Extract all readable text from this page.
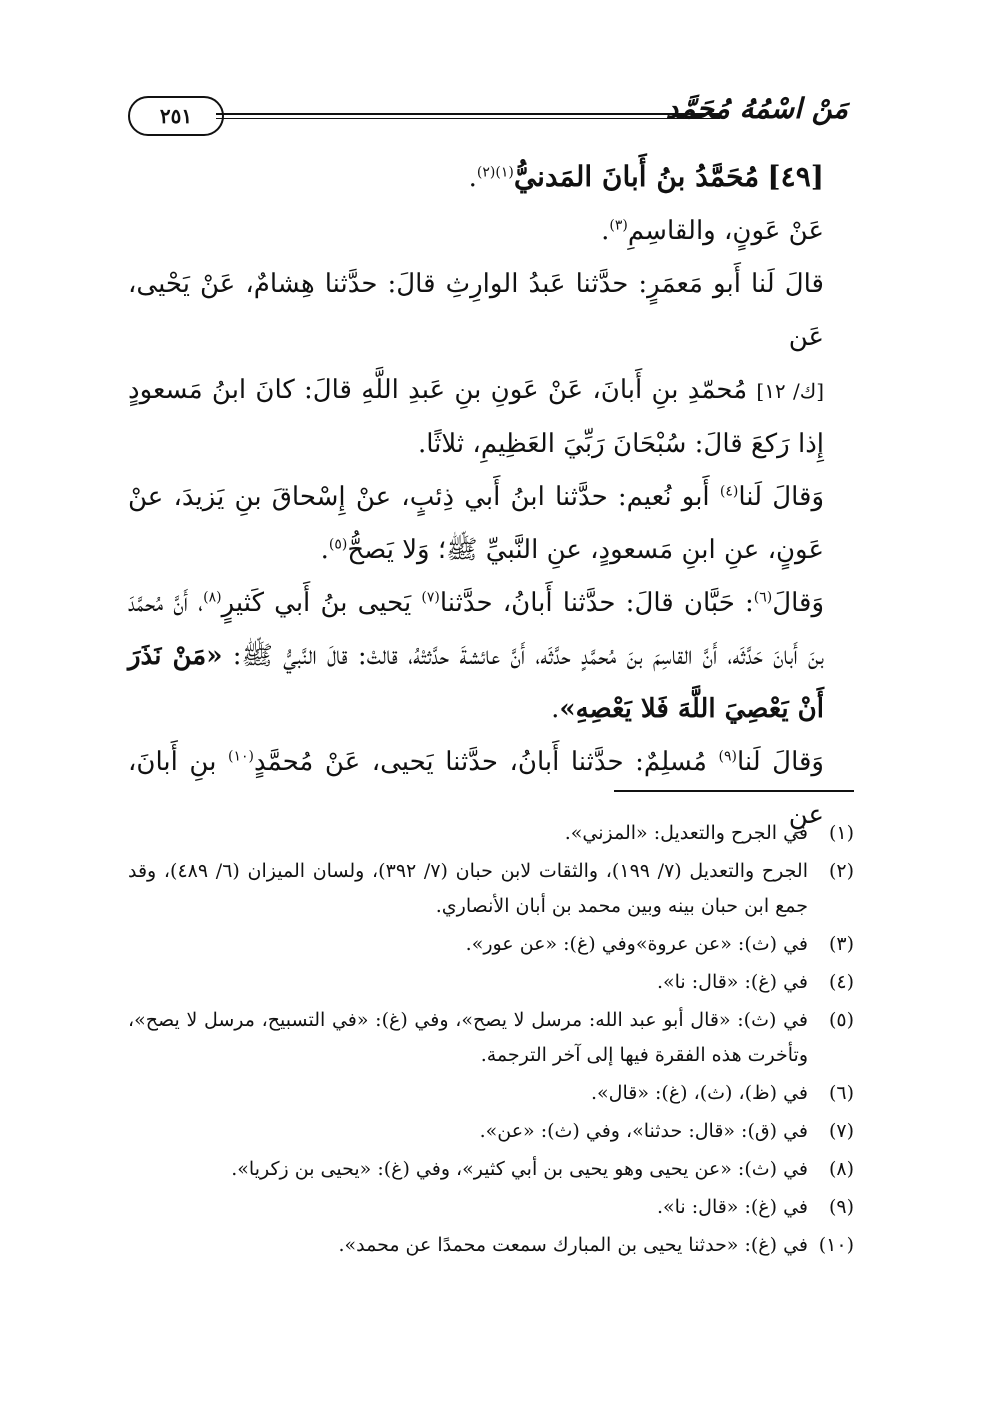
٢٥١	مَنْ اسْمُهُ مُحَمَّد

[٤٩] مُحَمَّدُ بنُ أَبانَ المَدنيُّ$^{(١)(٢)}$.

عَنْ عَونٍ، والقاسِمِ$^{(٣)}$.

قالَ لَنا أَبو مَعمَرٍ: حدَّثنا عَبدُ الوارِثِ قالَ: حدَّثنا هِشامٌ، عَنْ يَحْيى، عَن
[ك/ ١٢] مُحمّدِ بنِ أَبانَ، عَنْ عَونِ بنِ عَبدِ اللَّهِ قالَ: كانَ ابنُ مَسعودٍ إِذا رَكعَ قالَ: سُبْحَانَ رَبِّيَ العَظِيمِ، ثلاثًا.

وَقالَ لَنا$^{(٤)}$ أَبو نُعيم: حدَّثنا ابنُ أَبي ذِئبٍ، عنْ إِسْحاقَ بنِ يَزيدَ، عنْ عَونٍ، عنِ ابنِ مَسعودٍ، عنِ النَّبيِّ ﷺ؛ وَلا يَصحُّ$^{(٥)}$.

وَقالَ$^{(٦)}$: حَبَّان قالَ: حدَّثنا أَبانُ، حدَّثنا$^{(٧)}$ يَحيى بنُ أَبي كَثيرٍ$^{(٨)}$، أَنَّ مُحمَّدَ بنَ أَبانَ حَدَّثَه، أَنَّ القاسِمَ بنَ مُحمَّدٍ حدَّثَه، أَنَّ عائشةَ حدَّثتْهُ، قالتْ: قالَ النَّبيُّ ﷺ: «مَنْ نَذَرَ أَنْ يَعْصِيَ اللَّهَ فَلا يَعْصِهِ».

وَقالَ لَنا$^{(٩)}$ مُسلِمٌ: حدَّثنا أَبانُ، حدَّثنا يَحيى، عَنْ مُحمَّدٍ$^{(١٠)}$ بنِ أَبانَ، عنِ

(١)
في الجرح والتعديل: «المزني».
(٢)
الجرح والتعديل (٧/ ١٩٩)، والثقات لابن حبان (٧/ ٣٩٢)، ولسان الميزان (٦/ ٤٨٩)، وقد جمع ابن حبان بينه وبين محمد بن أبان الأنصاري.
(٣)
في (ث): «عن عروة»وفي (غ): «عن عور».
(٤)
في (غ): «قال: نا».
(٥)
في (ث): «قال أبو عبد الله: مرسل لا يصح»، وفي (غ): «في التسبيح، مرسل لا يصح»، وتأخرت هذه الفقرة فيها إلى آخر الترجمة.
(٦)
في (ظ)، (ث)، (غ): «قال».
(٧)
في (ق): «قال: حدثنا»، وفي (ث): «عن».
(٨)
في (ث): «عن يحيى وهو يحيى بن أبي كثير»، وفي (غ): «يحيى بن زكريا».
(٩)
في (غ): «قال: نا».
(١٠)
في (غ): «حدثنا يحيى بن المبارك سمعت محمدًا عن محمد».
